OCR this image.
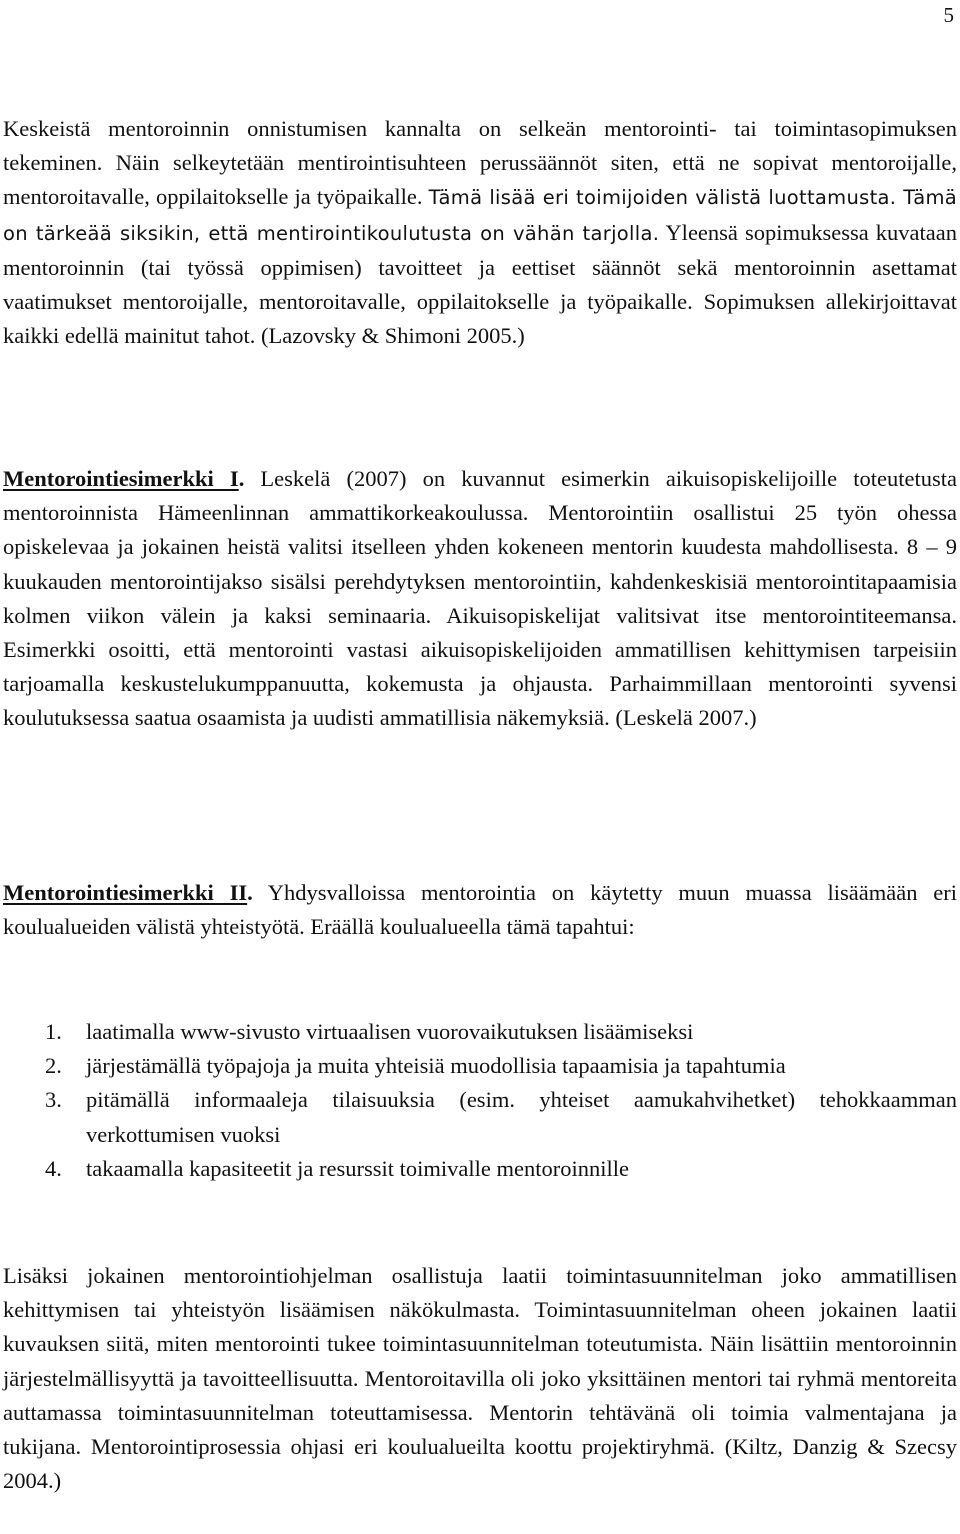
5

Keskeistä mentoroinnin onnistumisen kannalta on selkeän mentorointi- tai toimintasopimuksen tekeminen. Näin selkeytetään mentirointisuhteen perussäännöt siten, että ne sopivat mentoroijalle, mentoroitavalle, oppilaitokselle ja työpaikalle. Tämä lisää eri toimijoiden välistä luottamusta. Tämä on tärkeää siksikin, että mentirointikoulutusta on vähän tarjolla. Yleensä sopimuksessa kuvataan mentoroinnin (tai työssä oppimisen) tavoitteet ja eettiset säännöt sekä mentoroinnin asettamat vaatimukset mentoroijalle, mentoroitavalle, oppilaitokselle ja työpaikalle. Sopimuksen allekirjoittavat kaikki edellä mainitut tahot. (Lazovsky & Shimoni 2005.)

Mentorointiesimerkki I. Leskelä (2007) on kuvannut esimerkin aikuisopiskelijoille toteutetusta mentoroinnista Hämeenlinnan ammattikorkeakoulussa. Mentorointiin osallistui 25 työn ohessa opiskelevaa ja jokainen heistä valitsi itselleen yhden kokeneen mentorin kuudesta mahdollisesta. 8 – 9 kuukauden mentorointijakso sisälsi perehdytyksen mentorointiin, kahdenkeskisiä mentorointitapaamisia kolmen viikon välein ja kaksi seminaaria. Aikuisopiskelijat valitsivat itse mentorointiteemansa. Esimerkki osoitti, että mentorointi vastasi aikuisopiskelijoiden ammatillisen kehittymisen tarpeisiin tarjoamalla keskustelukumppanuutta, kokemusta ja ohjausta. Parhaimmillaan mentorointi syvensi koulutuksessa saatua osaamista ja uudisti ammatillisia näkemyksiä. (Leskelä 2007.)

Mentorointiesimerkki II. Yhdysvalloissa mentorointia on käytetty muun muassa lisäämään eri koulualueiden välistä yhteistyötä. Eräällä koulualueella tämä tapahtui:

1. laatimalla www-sivusto virtuaalisen vuorovaikutuksen lisäämiseksi
2. järjestämällä työpajoja ja muita yhteisiä muodollisia tapaamisia ja tapahtumia
3. pitämällä informaaleja tilaisuuksia (esim. yhteiset aamukahvihetket) tehokkaamman verkottumisen vuoksi
4. takaamalla kapasiteetit ja resurssit toimivalle mentoroinnille

Lisäksi jokainen mentorointiohjelman osallistuja laatii toimintasuunnitelman joko ammatillisen kehittymisen tai yhteistyön lisäämisen näkökulmasta. Toimintasuunnitelman oheen jokainen laatii kuvauksen siitä, miten mentorointi tukee toimintasuunnitelman toteutumista. Näin lisättiin mentoroinnin järjestelmällisyyttä ja tavoitteellisuutta. Mentoroitavilla oli joko yksittäinen mentori tai ryhmä mentoreita auttamassa toimintasuunnitelman toteuttamisessa. Mentorin tehtävänä oli toimia valmentajana ja tukijana. Mentorointiprosessia ohjasi eri koulualueilta koottu projektiryhmä. (Kiltz, Danzig & Szecsy 2004.)
